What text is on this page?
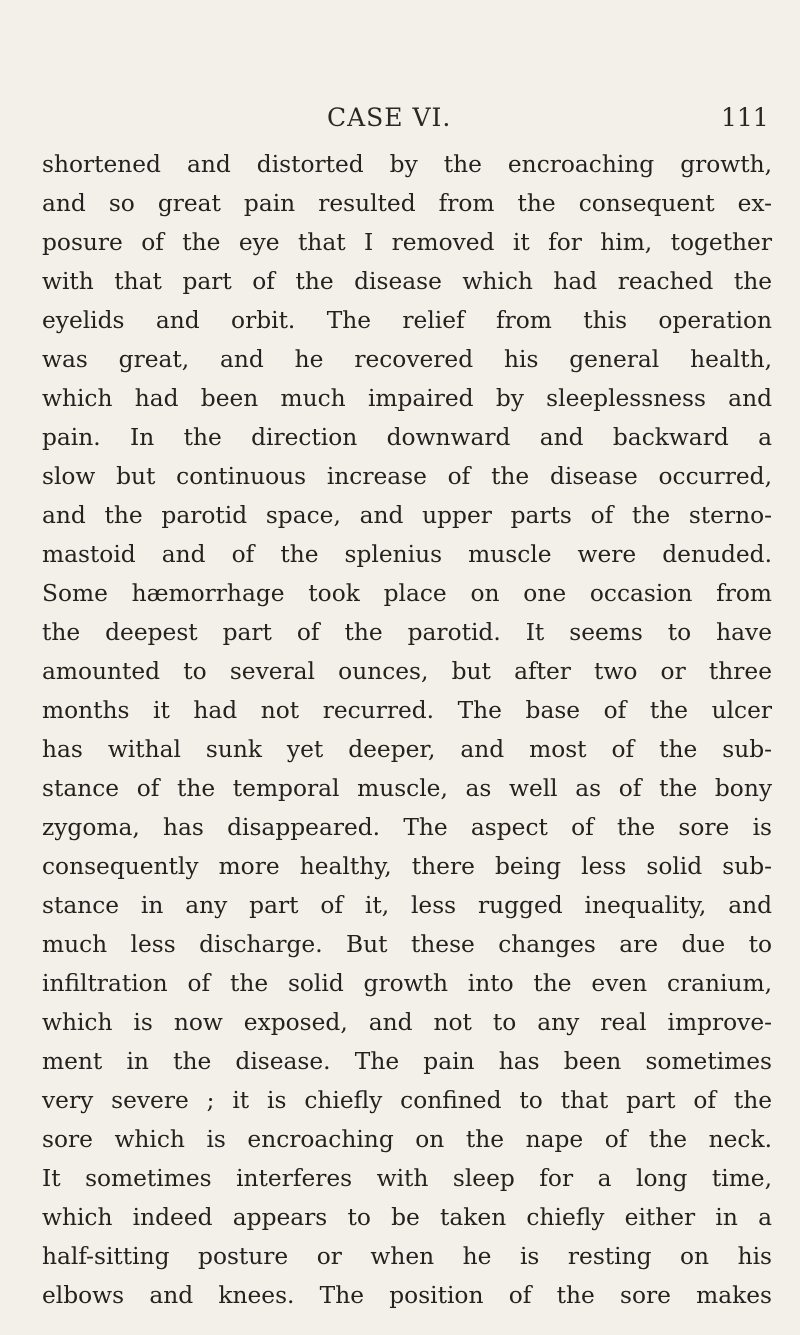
CASE VI.	111
shortened and distorted by the encroaching growth,
and so great pain resulted from the consequent ex-
posure of the eye that I removed it for him, together
with that part of the disease which had reached the
eyelids and orbit. The relief from this operation
was great, and he recovered his general health,
which had been much impaired by sleeplessness and
pain. In the direction downward and backward a
slow but continuous increase of the disease occurred,
and the parotid space, and upper parts of the sterno-
mastoid and of the splenius muscle were denuded.
Some hæmorrhage took place on one occasion from
the deepest part of the parotid. It seems to have
amounted to several ounces, but after two or three
months it had not recurred. The base of the ulcer
has withal sunk yet deeper, and most of the sub-
stance of the temporal muscle, as well as of the bony
zygoma, has disappeared. The aspect of the sore is
consequently more healthy, there being less solid sub-
stance in any part of it, less rugged inequality, and
much less discharge. But these changes are due to
infiltration of the solid growth into the even cranium,
which is now exposed, and not to any real improve-
ment in the disease. The pain has been sometimes
very severe ; it is chiefly confined to that part of the
sore which is encroaching on the nape of the neck.
It sometimes interferes with sleep for a long time,
which indeed appears to be taken chiefly either in a
half-sitting posture or when he is resting on his
elbows and knees. The position of the sore makes
